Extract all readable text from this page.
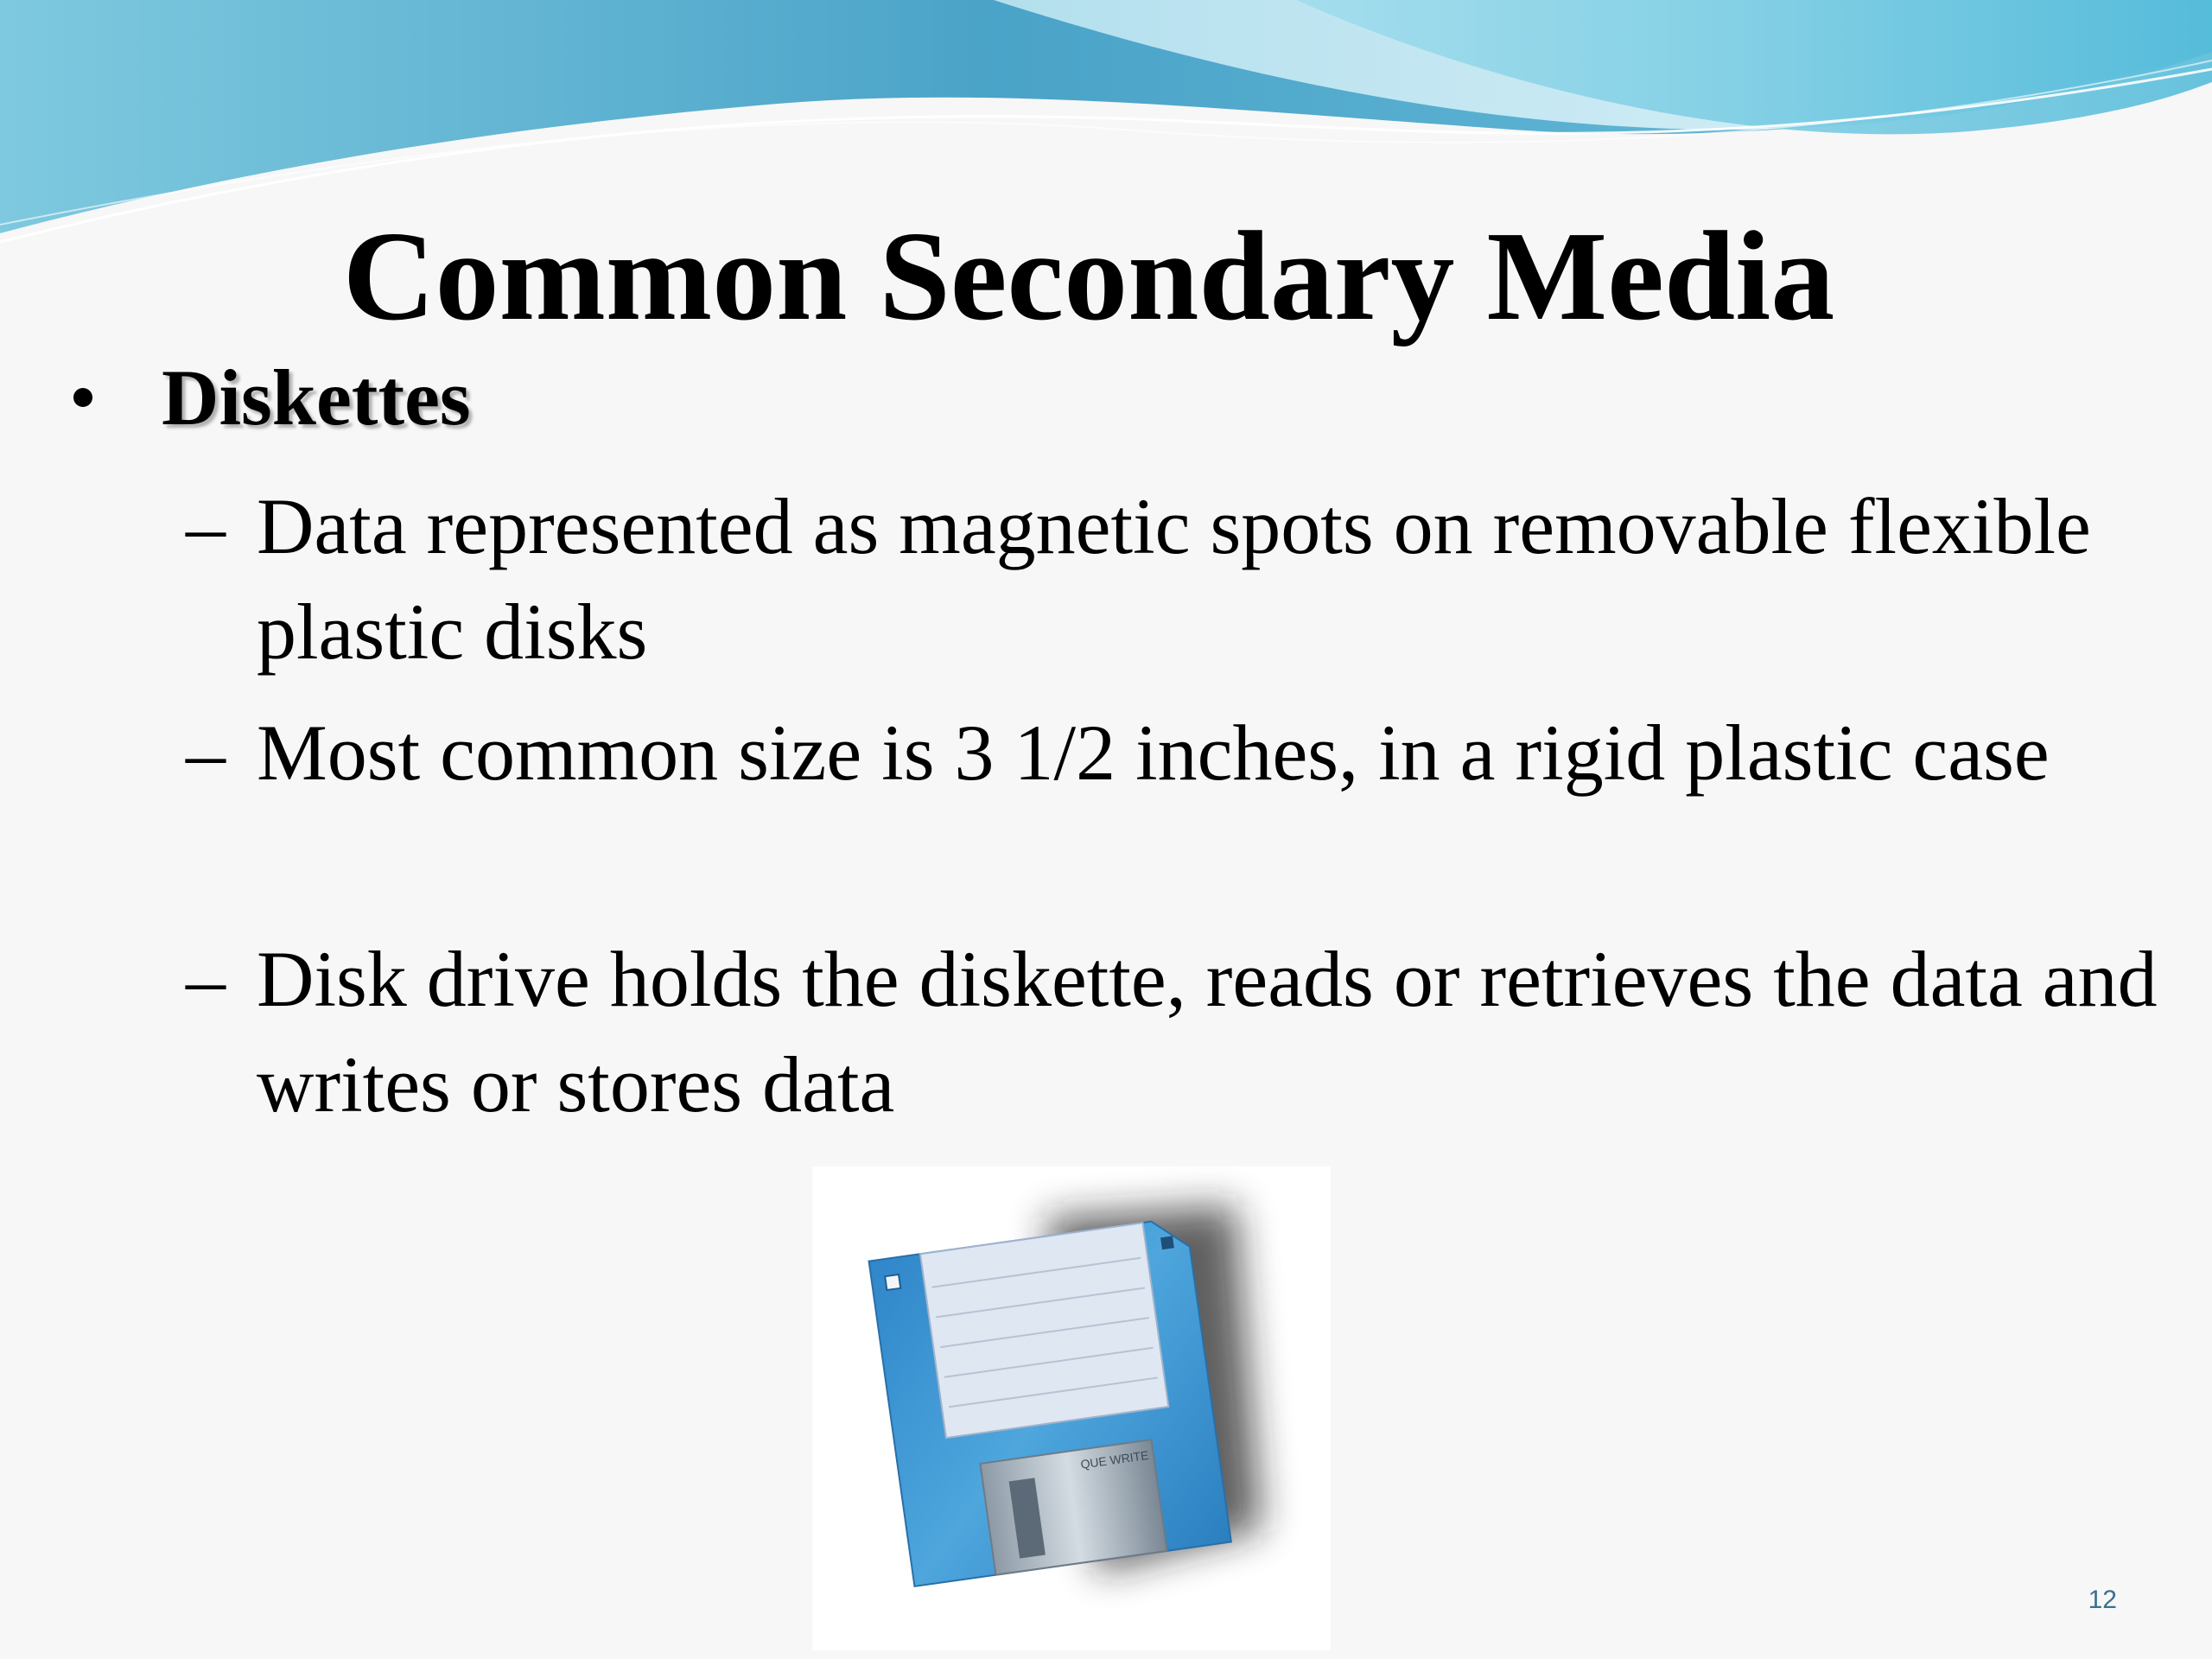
Common Secondary Media
Diskettes
– Data represented as magnetic spots on removable flexible plastic disks
– Most common size is 3 1/2 inches, in a rigid plastic case
– Disk drive holds the diskette, reads or retrieves the data and writes or stores data
QUE WRITE
12
